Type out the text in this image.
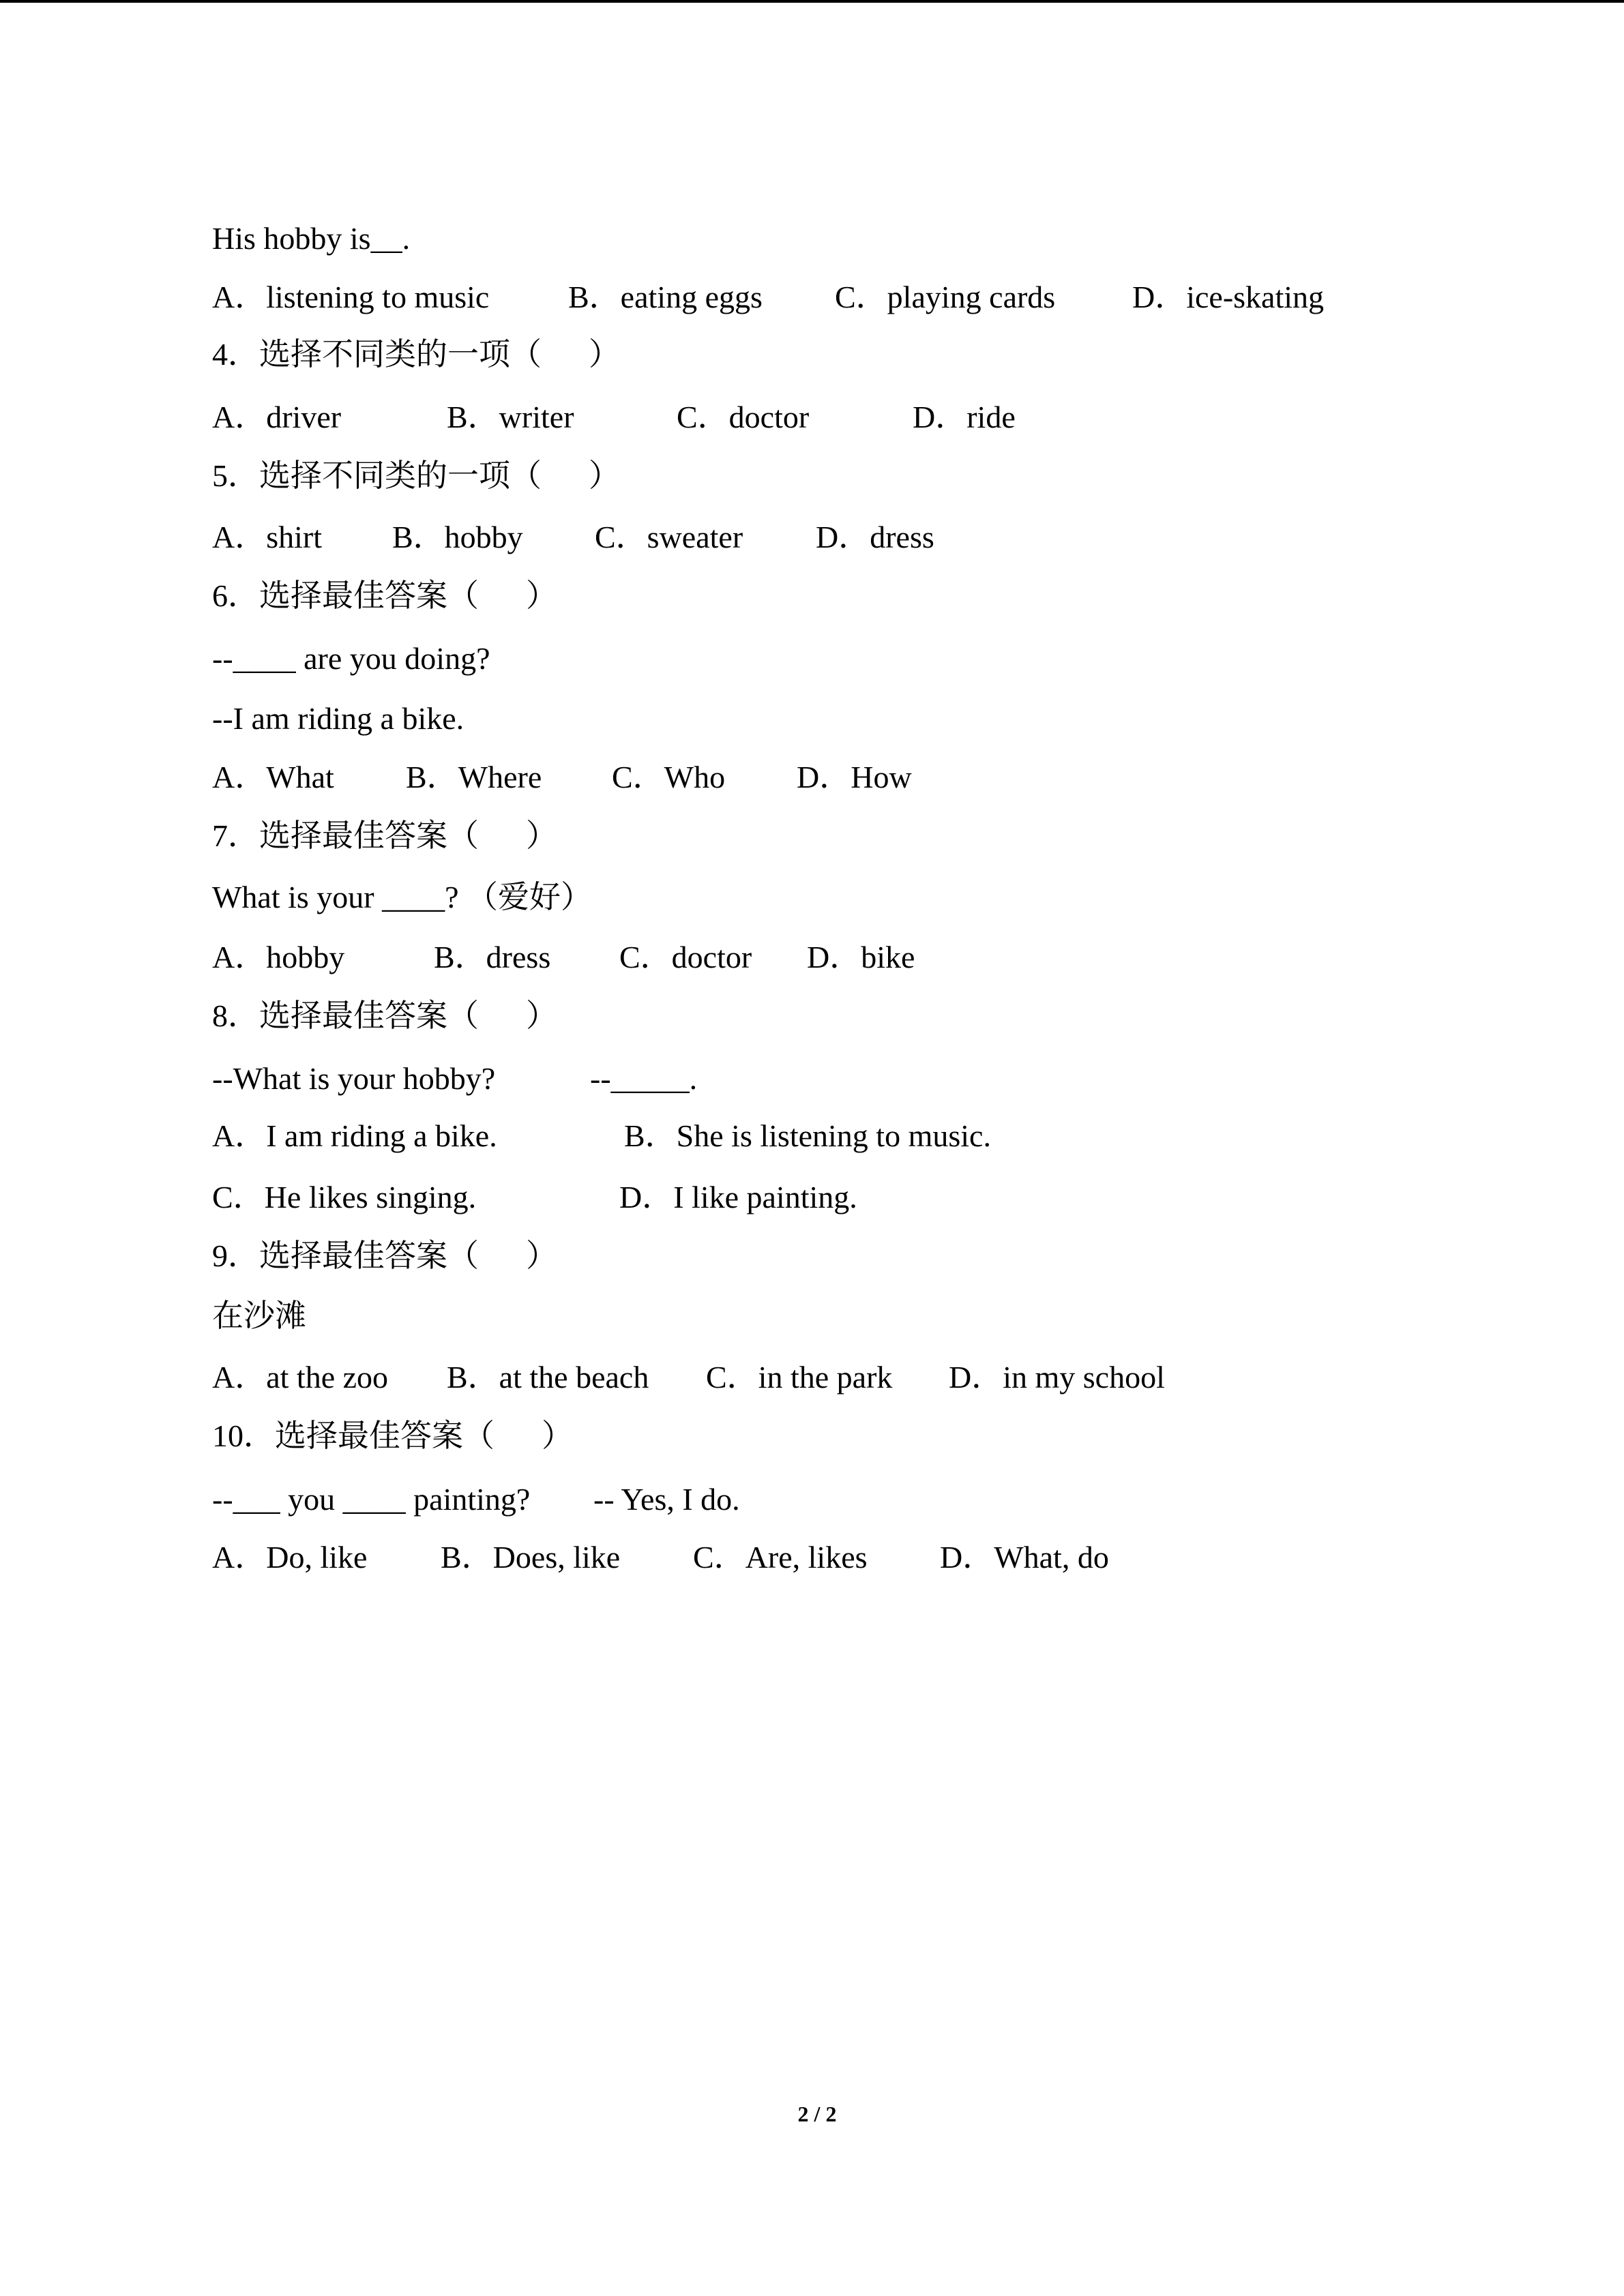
His hobby is__.
A．listening to music	B．eating eggs C．playing cards D．ice-skating
4．选择不同类的一项（      ）
A．driver	B．writer	C．doctor	D．ride
5．选择不同类的一项（      ）
A．shirt B．hobby C．sweater D．dress
6．选择最佳答案（      ）
--____ are you doing?
--I am riding a bike.
A．What B．Where C．Who D．How
7．选择最佳答案（      ）
What is your ____? （爱好）
A．hobby	B．dress C．doctor D．bike
8．选择最佳答案（      ）
--What is your hobby?	--_____.
A．I am riding a bike.	B．She is listening to music.
C．He likes singing.	D．I like painting.
9．选择最佳答案（      ）
在沙滩
A．at the zoo B．at the beach C．in the park D．in my school
10．选择最佳答案（      ）
--___ you ____ painting? -- Yes, I do.
A．Do, like B．Does, like C．Are, likes D．What, do
2 / 2
